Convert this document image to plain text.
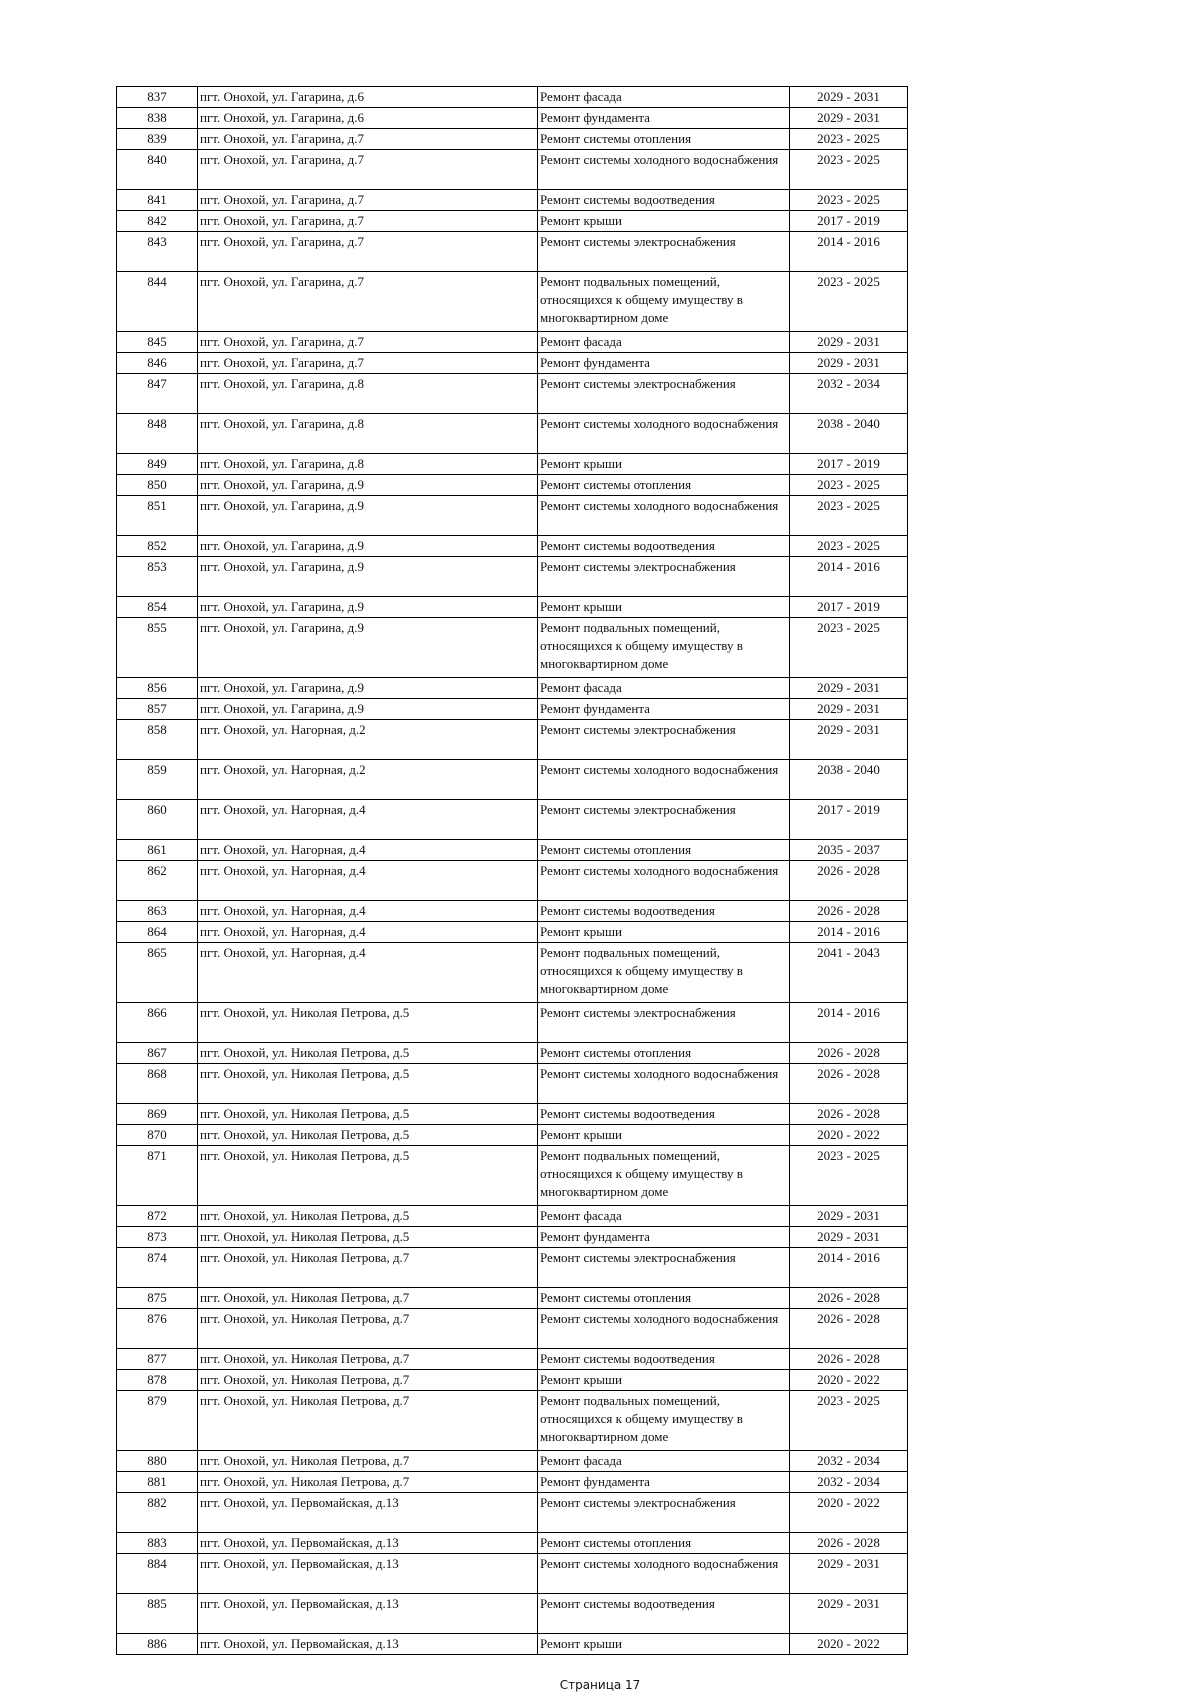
837	пгт. Онохой, ул. Гагарина, д.6	Ремонт фасада	2029 - 2031
838	пгт. Онохой, ул. Гагарина, д.6	Ремонт фундамента	2029 - 2031
839	пгт. Онохой, ул. Гагарина, д.7	Ремонт системы отопления	2023 - 2025
840	пгт. Онохой, ул. Гагарина, д.7	Ремонт системы холодного водоснабжения	2023 - 2025
841	пгт. Онохой, ул. Гагарина, д.7	Ремонт системы водоотведения	2023 - 2025
842	пгт. Онохой, ул. Гагарина, д.7	Ремонт крыши	2017 - 2019
843	пгт. Онохой, ул. Гагарина, д.7	Ремонт системы электроснабжения	2014 - 2016
844	пгт. Онохой, ул. Гагарина, д.7	Ремонт подвальных помещений, относящихся к общему имуществу в многоквартирном доме	2023 - 2025
845	пгт. Онохой, ул. Гагарина, д.7	Ремонт фасада	2029 - 2031
846	пгт. Онохой, ул. Гагарина, д.7	Ремонт фундамента	2029 - 2031
847	пгт. Онохой, ул. Гагарина, д.8	Ремонт системы электроснабжения	2032 - 2034
848	пгт. Онохой, ул. Гагарина, д.8	Ремонт системы холодного водоснабжения	2038 - 2040
849	пгт. Онохой, ул. Гагарина, д.8	Ремонт крыши	2017 - 2019
850	пгт. Онохой, ул. Гагарина, д.9	Ремонт системы отопления	2023 - 2025
851	пгт. Онохой, ул. Гагарина, д.9	Ремонт системы холодного водоснабжения	2023 - 2025
852	пгт. Онохой, ул. Гагарина, д.9	Ремонт системы водоотведения	2023 - 2025
853	пгт. Онохой, ул. Гагарина, д.9	Ремонт системы электроснабжения	2014 - 2016
854	пгт. Онохой, ул. Гагарина, д.9	Ремонт крыши	2017 - 2019
855	пгт. Онохой, ул. Гагарина, д.9	Ремонт подвальных помещений, относящихся к общему имуществу в многоквартирном доме	2023 - 2025
856	пгт. Онохой, ул. Гагарина, д.9	Ремонт фасада	2029 - 2031
857	пгт. Онохой, ул. Гагарина, д.9	Ремонт фундамента	2029 - 2031
858	пгт. Онохой, ул. Нагорная, д.2	Ремонт системы электроснабжения	2029 - 2031
859	пгт. Онохой, ул. Нагорная, д.2	Ремонт системы холодного водоснабжения	2038 - 2040
860	пгт. Онохой, ул. Нагорная, д.4	Ремонт системы электроснабжения	2017 - 2019
861	пгт. Онохой, ул. Нагорная, д.4	Ремонт системы отопления	2035 - 2037
862	пгт. Онохой, ул. Нагорная, д.4	Ремонт системы холодного водоснабжения	2026 - 2028
863	пгт. Онохой, ул. Нагорная, д.4	Ремонт системы водоотведения	2026 - 2028
864	пгт. Онохой, ул. Нагорная, д.4	Ремонт крыши	2014 - 2016
865	пгт. Онохой, ул. Нагорная, д.4	Ремонт подвальных помещений, относящихся к общему имуществу в многоквартирном доме	2041 - 2043
866	пгт. Онохой, ул. Николая Петрова, д.5	Ремонт системы электроснабжения	2014 - 2016
867	пгт. Онохой, ул. Николая Петрова, д.5	Ремонт системы отопления	2026 - 2028
868	пгт. Онохой, ул. Николая Петрова, д.5	Ремонт системы холодного водоснабжения	2026 - 2028
869	пгт. Онохой, ул. Николая Петрова, д.5	Ремонт системы водоотведения	2026 - 2028
870	пгт. Онохой, ул. Николая Петрова, д.5	Ремонт крыши	2020 - 2022
871	пгт. Онохой, ул. Николая Петрова, д.5	Ремонт подвальных помещений, относящихся к общему имуществу в многоквартирном доме	2023 - 2025
872	пгт. Онохой, ул. Николая Петрова, д.5	Ремонт фасада	2029 - 2031
873	пгт. Онохой, ул. Николая Петрова, д.5	Ремонт фундамента	2029 - 2031
874	пгт. Онохой, ул. Николая Петрова, д.7	Ремонт системы электроснабжения	2014 - 2016
875	пгт. Онохой, ул. Николая Петрова, д.7	Ремонт системы отопления	2026 - 2028
876	пгт. Онохой, ул. Николая Петрова, д.7	Ремонт системы холодного водоснабжения	2026 - 2028
877	пгт. Онохой, ул. Николая Петрова, д.7	Ремонт системы водоотведения	2026 - 2028
878	пгт. Онохой, ул. Николая Петрова, д.7	Ремонт крыши	2020 - 2022
879	пгт. Онохой, ул. Николая Петрова, д.7	Ремонт подвальных помещений, относящихся к общему имуществу в многоквартирном доме	2023 - 2025
880	пгт. Онохой, ул. Николая Петрова, д.7	Ремонт фасада	2032 - 2034
881	пгт. Онохой, ул. Николая Петрова, д.7	Ремонт фундамента	2032 - 2034
882	пгт. Онохой, ул. Первомайская, д.13	Ремонт системы электроснабжения	2020 - 2022
883	пгт. Онохой, ул. Первомайская, д.13	Ремонт системы отопления	2026 - 2028
884	пгт. Онохой, ул. Первомайская, д.13	Ремонт системы холодного водоснабжения	2029 - 2031
885	пгт. Онохой, ул. Первомайская, д.13	Ремонт системы водоотведения	2029 - 2031
886	пгт. Онохой, ул. Первомайская, д.13	Ремонт крыши	2020 - 2022
Страница 17
